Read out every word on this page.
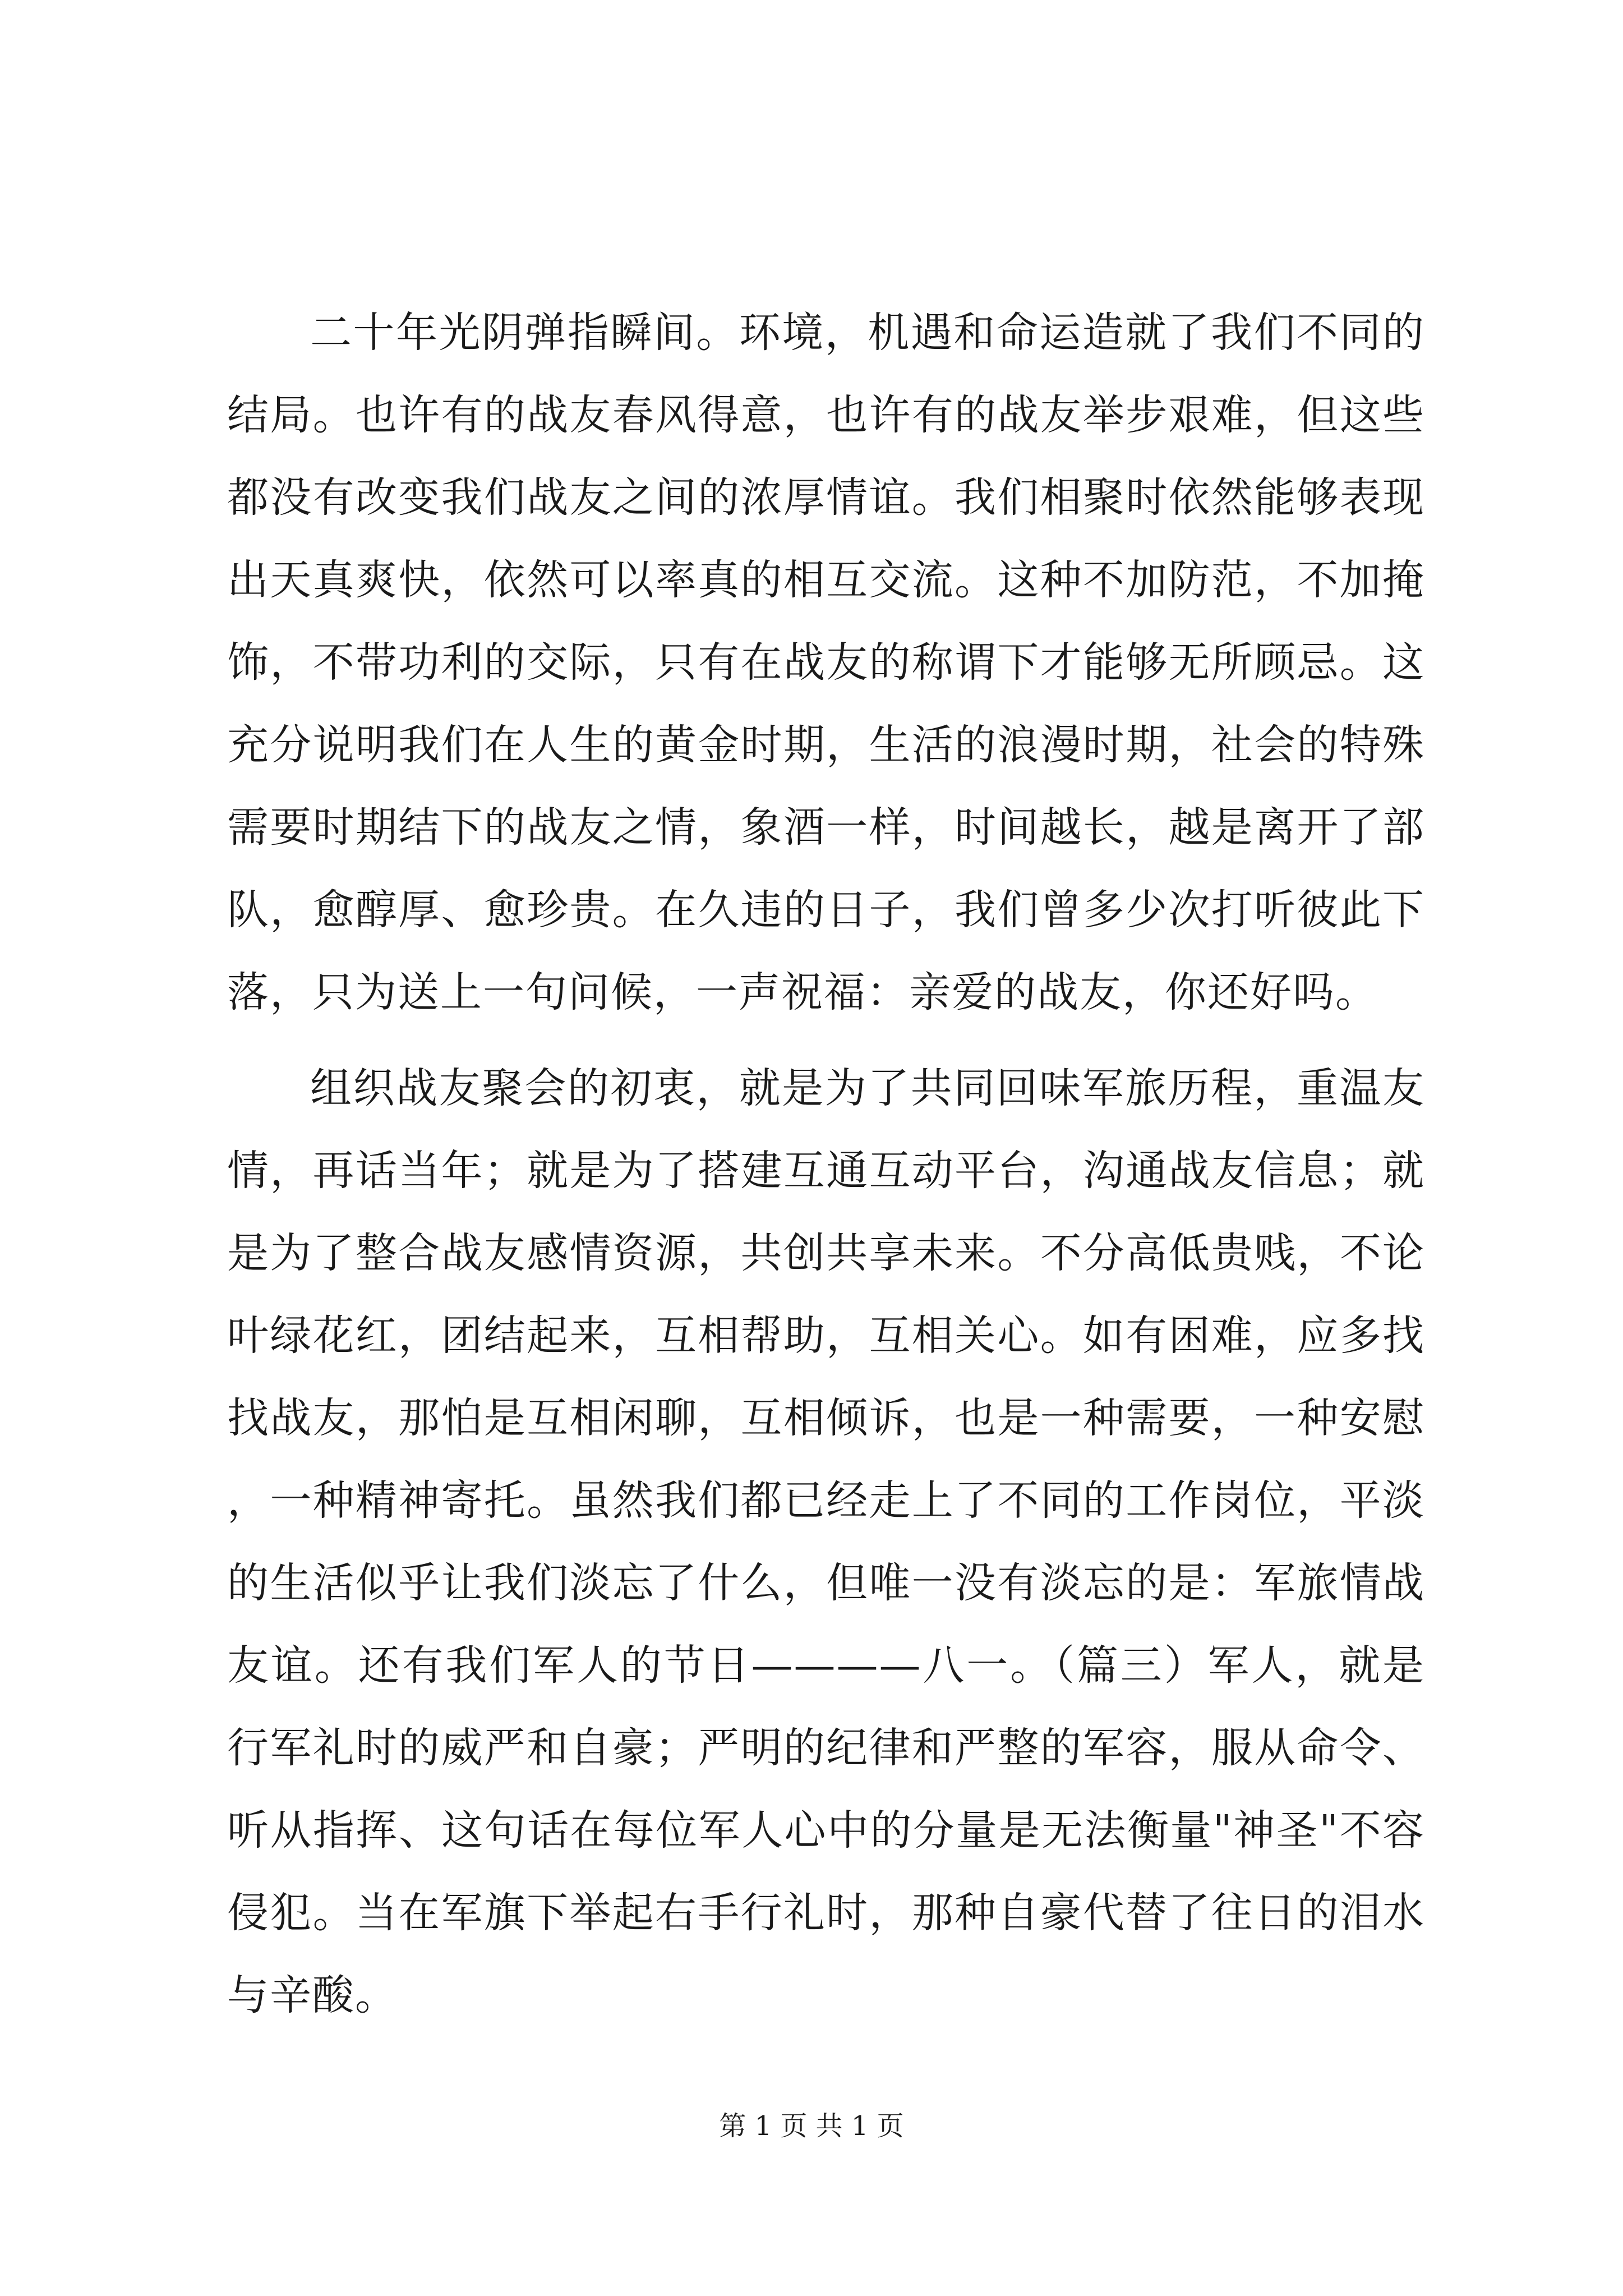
二十年光阴弹指瞬间。环境，机遇和命运造就了我们不同的结局。也许有的战友春风得意，也许有的战友举步艰难，但这些都没有改变我们战友之间的浓厚情谊。我们相聚时依然能够表现出天真爽快，依然可以率真的相互交流。这种不加防范，不加掩饰，不带功利的交际，只有在战友的称谓下才能够无所顾忌。这充分说明我们在人生的黄金时期，生活的浪漫时期，社会的特殊需要时期结下的战友之情，象酒一样，时间越长，越是离开了部队，愈醇厚、愈珍贵。在久违的日子，我们曾多少次打听彼此下落，只为送上一句问候，一声祝福：亲爱的战友，你还好吗。

组织战友聚会的初衷，就是为了共同回味军旅历程，重温友情，再话当年；就是为了搭建互通互动平台，沟通战友信息；就是为了整合战友感情资源，共创共享未来。不分高低贵贱，不论叶绿花红，团结起来，互相帮助，互相关心。如有困难，应多找找战友，那怕是互相闲聊，互相倾诉，也是一种需要，一种安慰，一种精神寄托。虽然我们都已经走上了不同的工作岗位，平淡的生活似乎让我们淡忘了什么，但唯一没有淡忘的是：军旅情战友谊。还有我们军人的节日————八一。（篇三）军人，就是行军礼时的威严和自豪；严明的纪律和严整的军容，服从命令、听从指挥、这句话在每位军人心中的分量是无法衡量"神圣"不容侵犯。当在军旗下举起右手行礼时，那种自豪代替了往日的泪水与辛酸。

第 1 页 共 1 页
